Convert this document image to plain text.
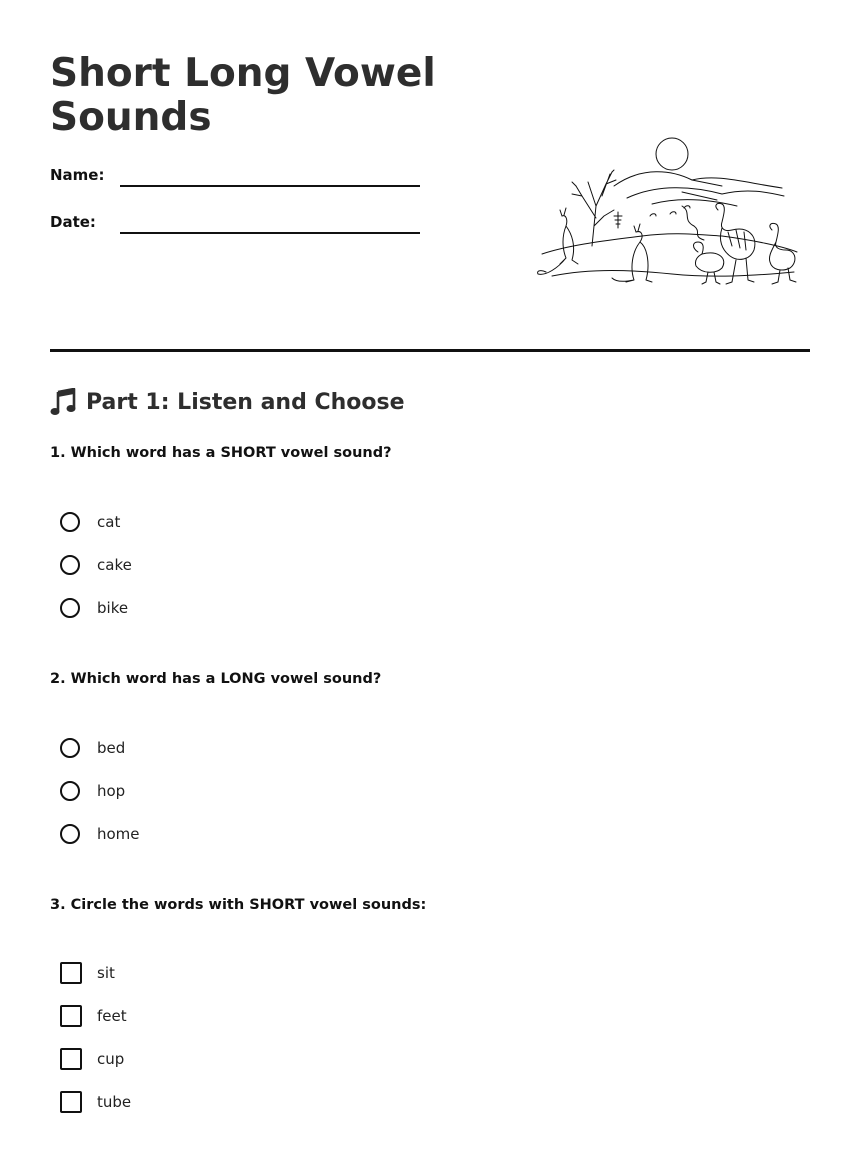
Short Long Vowel Sounds
Name:
Date:
Part 1: Listen and Choose

1. Which word has a SHORT vowel sound?

cat
cake
bike

2. Which word has a LONG vowel sound?

bed
hop
home

3. Circle the words with SHORT vowel sounds:

sit
feet
cup
tube
